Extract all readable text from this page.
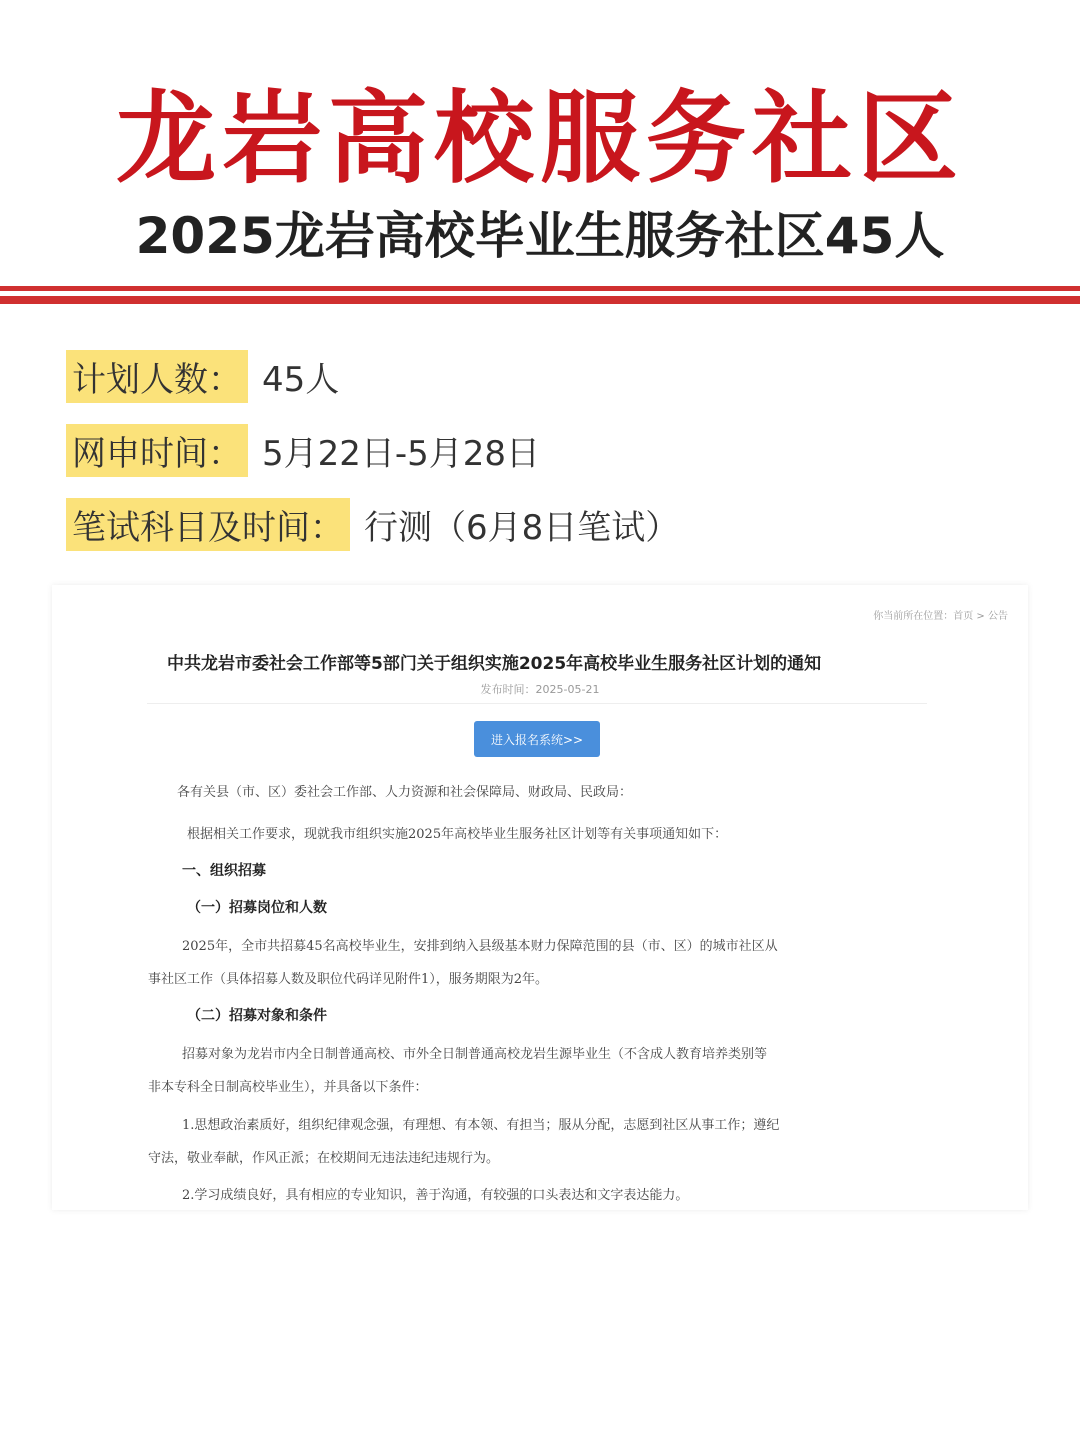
龙岩高校服务社区
2025龙岩高校毕业生服务社区45人
计划人数： 45人
网申时间： 5月22日-5月28日
笔试科目及时间： 行测（6月8日笔试）
你当前所在位置：首页 > 公告
中共龙岩市委社会工作部等5部门关于组织实施2025年高校毕业生服务社区计划的通知
发布时间：2025-05-21
进入报名系统>>
各有关县（市、区）委社会工作部、人力资源和社会保障局、财政局、民政局：
根据相关工作要求，现就我市组织实施2025年高校毕业生服务社区计划等有关事项通知如下：
一、组织招募
（一）招募岗位和人数
2025年，全市共招募45名高校毕业生，安排到纳入县级基本财力保障范围的县（市、区）的城市社区从
事社区工作（具体招募人数及职位代码详见附件1），服务期限为2年。
（二）招募对象和条件
招募对象为龙岩市内全日制普通高校、市外全日制普通高校龙岩生源毕业生（不含成人教育培养类别等
非本专科全日制高校毕业生），并具备以下条件：
1.思想政治素质好，组织纪律观念强，有理想、有本领、有担当；服从分配，志愿到社区从事工作；遵纪
守法，敬业奉献，作风正派；在校期间无违法违纪违规行为。
2.学习成绩良好，具有相应的专业知识，善于沟通，有较强的口头表达和文字表达能力。
